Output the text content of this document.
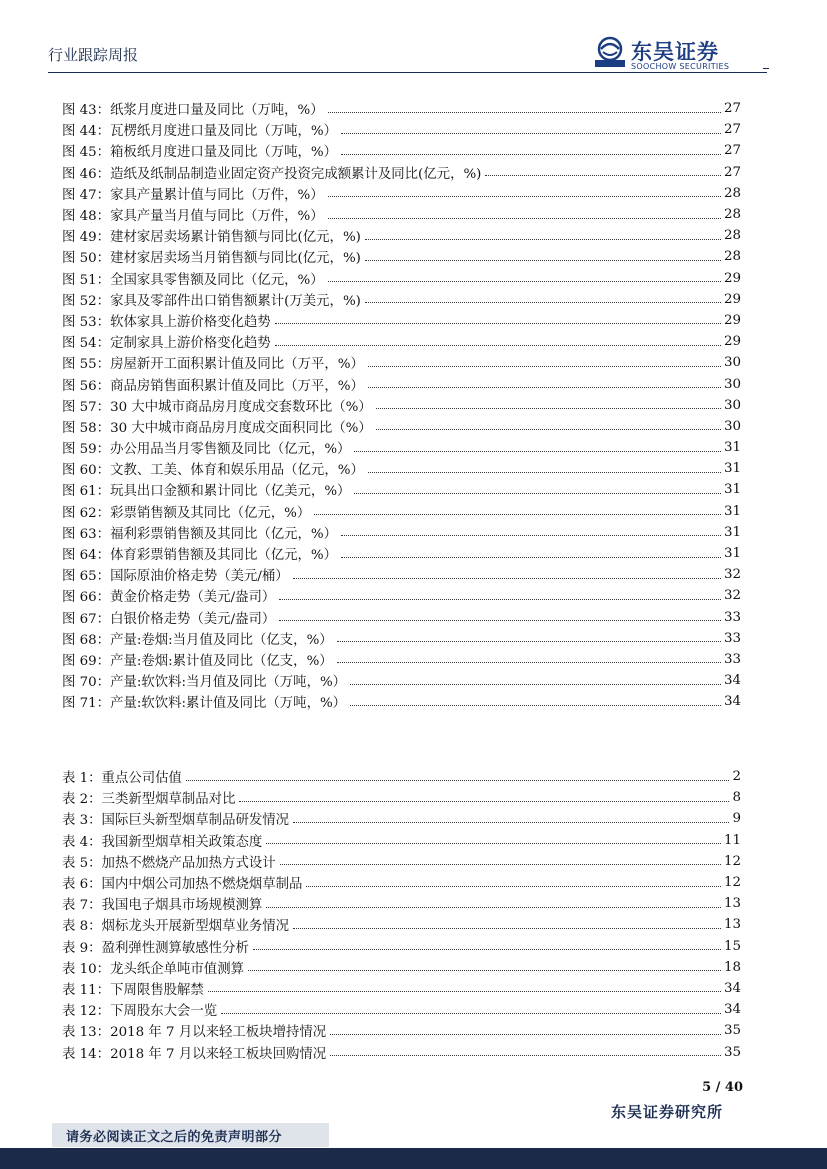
行业跟踪周报	东吴证券
SOOCHOW SECURITIES
图 43：纸浆月度进口量及同比（万吨，%）	27
图 44：瓦楞纸月度进口量及同比（万吨，%）	27
图 45：箱板纸月度进口量及同比（万吨，%）	27
图 46：造纸及纸制品制造业固定资产投资完成额累计及同比(亿元，%)	27
图 47：家具产量累计值与同比（万件，%）	28
图 48：家具产量当月值与同比（万件，%）	28
图 49：建材家居卖场累计销售额与同比(亿元，%)	28
图 50：建材家居卖场当月销售额与同比(亿元，%)	28
图 51：全国家具零售额及同比（亿元，%）	29
图 52：家具及零部件出口销售额累计(万美元，%)	29
图 53：软体家具上游价格变化趋势	29
图 54：定制家具上游价格变化趋势	29
图 55：房屋新开工面积累计值及同比（万平，%）	30
图 56：商品房销售面积累计值及同比（万平，%）	30
图 57：30 大中城市商品房月度成交套数环比（%）	30
图 58：30 大中城市商品房月度成交面积同比（%）	30
图 59：办公用品当月零售额及同比（亿元，%）	31
图 60：文教、工美、体育和娱乐用品（亿元，%）	31
图 61：玩具出口金额和累计同比（亿美元，%）	31
图 62：彩票销售额及其同比（亿元，%）	31
图 63：福利彩票销售额及其同比（亿元，%）	31
图 64：体育彩票销售额及其同比（亿元，%）	31
图 65：国际原油价格走势（美元/桶）	32
图 66：黄金价格走势（美元/盎司）	32
图 67：白银价格走势（美元/盎司）	33
图 68：产量:卷烟:当月值及同比（亿支，%）	33
图 69：产量:卷烟:累计值及同比（亿支，%）	33
图 70：产量:软饮料:当月值及同比（万吨，%）	34
图 71：产量:软饮料:累计值及同比（万吨，%）	34
表 1：重点公司估值	2
表 2：三类新型烟草制品对比	8
表 3：国际巨头新型烟草制品研发情况	9
表 4：我国新型烟草相关政策态度	11
表 5：加热不燃烧产品加热方式设计	12
表 6：国内中烟公司加热不燃烧烟草制品	12
表 7：我国电子烟具市场规模测算	13
表 8：烟标龙头开展新型烟草业务情况	13
表 9：盈利弹性测算敏感性分析	15
表 10：龙头纸企单吨市值测算	18
表 11：下周限售股解禁	34
表 12：下周股东大会一览	34
表 13：2018 年 7 月以来轻工板块增持情况	35
表 14：2018 年 7 月以来轻工板块回购情况	35
5 / 40
东吴证券研究所
请务必阅读正文之后的免责声明部分
